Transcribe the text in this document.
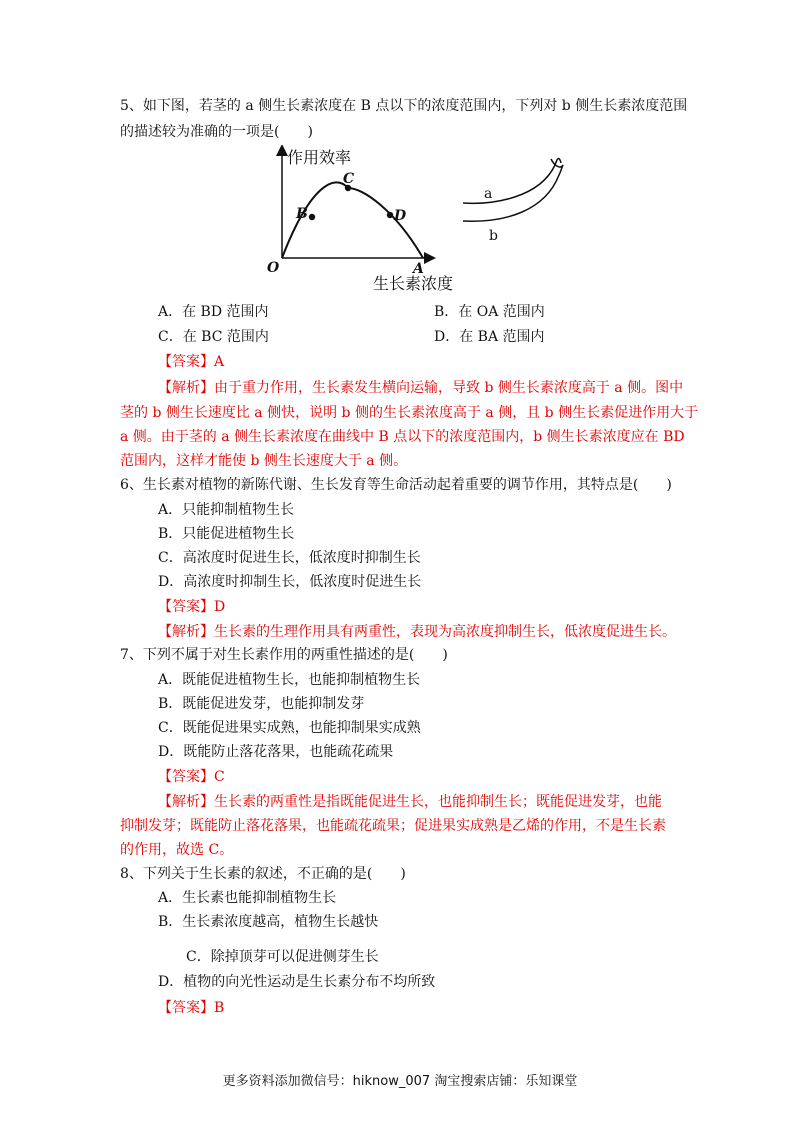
5、如下图，若茎的 a 侧生长素浓度在 B 点以下的浓度范围内，下列对 b 侧生长素浓度范围
的描述较为准确的一项是(　　)
作用效率
生长素浓度
O	A
B
C
D
a
b
A．在 BD 范围内	B．在 OA 范围内
C．在 BC 范围内	D．在 BA 范围内
【答案】A
【解析】由于重力作用，生长素发生横向运输，导致 b 侧生长素浓度高于 a 侧。图中
茎的 b 侧生长速度比 a 侧快，说明 b 侧的生长素浓度高于 a 侧，且 b 侧生长素促进作用大于
a 侧。由于茎的 a 侧生长素浓度在曲线中 B 点以下的浓度范围内，b 侧生长素浓度应在 BD
范围内，这样才能使 b 侧生长速度大于 a 侧。
6、生长素对植物的新陈代谢、生长发育等生命活动起着重要的调节作用，其特点是(　　)
A．只能抑制植物生长
B．只能促进植物生长
C．高浓度时促进生长，低浓度时抑制生长
D．高浓度时抑制生长，低浓度时促进生长
【答案】D
【解析】生长素的生理作用具有两重性，表现为高浓度抑制生长，低浓度促进生长。
7、下列不属于对生长素作用的两重性描述的是(　　)
A．既能促进植物生长，也能抑制植物生长
B．既能促进发芽，也能抑制发芽
C．既能促进果实成熟，也能抑制果实成熟
D．既能防止落花落果，也能疏花疏果
【答案】C
【解析】生长素的两重性是指既能促进生长，也能抑制生长；既能促进发芽，也能
抑制发芽；既能防止落花落果，也能疏花疏果；促进果实成熟是乙烯的作用，不是生长素
的作用，故选 C。
8、下列关于生长素的叙述，不正确的是(　　)
A．生长素也能抑制植物生长
B．生长素浓度越高，植物生长越快
C．除掉顶芽可以促进侧芽生长
D．植物的向光性运动是生长素分布不均所致
【答案】B
更多资料添加微信号：hiknow_007 淘宝搜索店铺：乐知课堂
